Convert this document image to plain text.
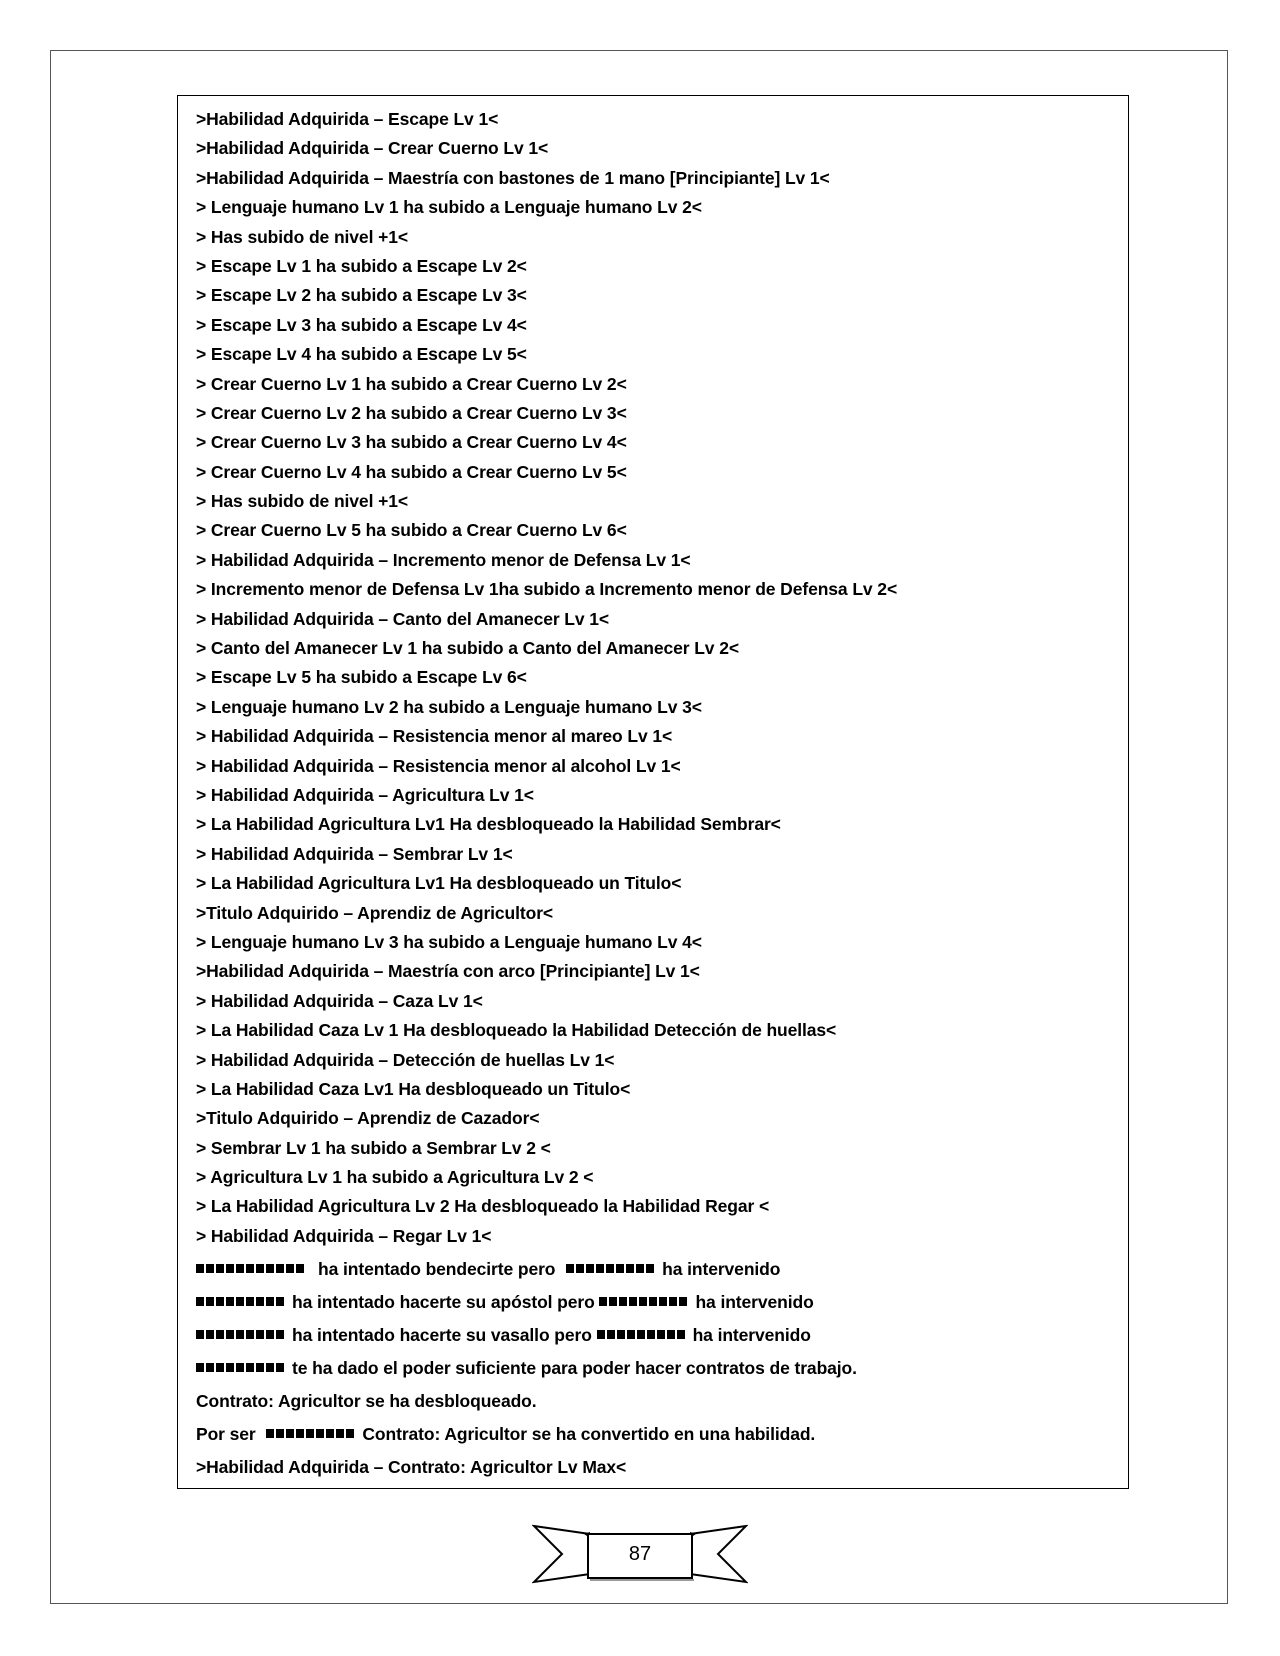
>Habilidad Adquirida – Escape Lv 1<
>Habilidad Adquirida – Crear Cuerno Lv 1<
>Habilidad Adquirida – Maestría con bastones de 1 mano [Principiante] Lv 1<
> Lenguaje humano Lv 1 ha subido a Lenguaje humano Lv 2<
> Has subido de nivel +1<
> Escape Lv 1 ha subido a Escape Lv 2<
> Escape Lv 2 ha subido a Escape Lv 3<
> Escape Lv 3 ha subido a Escape Lv 4<
> Escape Lv 4 ha subido a Escape Lv 5<
> Crear Cuerno Lv 1 ha subido a Crear Cuerno Lv 2<
> Crear Cuerno Lv 2 ha subido a Crear Cuerno Lv 3<
> Crear Cuerno Lv 3 ha subido a Crear Cuerno Lv 4<
> Crear Cuerno Lv 4 ha subido a Crear Cuerno Lv 5<
> Has subido de nivel +1<
> Crear Cuerno Lv 5 ha subido a Crear Cuerno Lv 6<
> Habilidad Adquirida – Incremento menor de Defensa Lv 1<
> Incremento menor de Defensa Lv 1ha subido a Incremento menor de Defensa Lv 2<
> Habilidad Adquirida – Canto del Amanecer Lv 1<
> Canto del Amanecer Lv 1 ha subido a Canto del Amanecer Lv 2<
> Escape Lv 5 ha subido a Escape Lv 6<
> Lenguaje humano Lv 2 ha subido a Lenguaje humano Lv 3<
> Habilidad Adquirida – Resistencia menor al mareo Lv 1<
> Habilidad Adquirida – Resistencia menor al alcohol Lv 1<
> Habilidad Adquirida – Agricultura Lv 1<
> La Habilidad Agricultura Lv1 Ha desbloqueado la Habilidad Sembrar<
> Habilidad Adquirida – Sembrar Lv 1<
> La Habilidad Agricultura Lv1 Ha desbloqueado un Titulo<
>Titulo Adquirido – Aprendiz de Agricultor<
> Lenguaje humano Lv 3 ha subido a Lenguaje humano Lv 4<
>Habilidad Adquirida – Maestría con arco [Principiante] Lv 1<
> Habilidad Adquirida – Caza Lv 1<
> La Habilidad Caza Lv 1 Ha desbloqueado la Habilidad Detección de huellas<
> Habilidad Adquirida – Detección de huellas Lv 1<
> La Habilidad Caza Lv1 Ha desbloqueado un Titulo<
>Titulo Adquirido – Aprendiz de Cazador<
> Sembrar Lv 1 ha subido a Sembrar Lv 2 <
> Agricultura Lv 1 ha subido a Agricultura Lv 2 <
> La Habilidad Agricultura Lv 2 Ha desbloqueado la Habilidad Regar <
> Habilidad Adquirida – Regar Lv 1<
ha intentado bendecirte pero	ha intervenido
ha intentado hacerte su apóstol pero	ha intervenido
ha intentado hacerte su vasallo pero	ha intervenido
te ha dado el poder suficiente para poder hacer contratos de trabajo.
Contrato: Agricultor se ha desbloqueado.
Por ser	Contrato: Agricultor se ha convertido en una habilidad.
>Habilidad Adquirida – Contrato: Agricultor Lv Max<
87
